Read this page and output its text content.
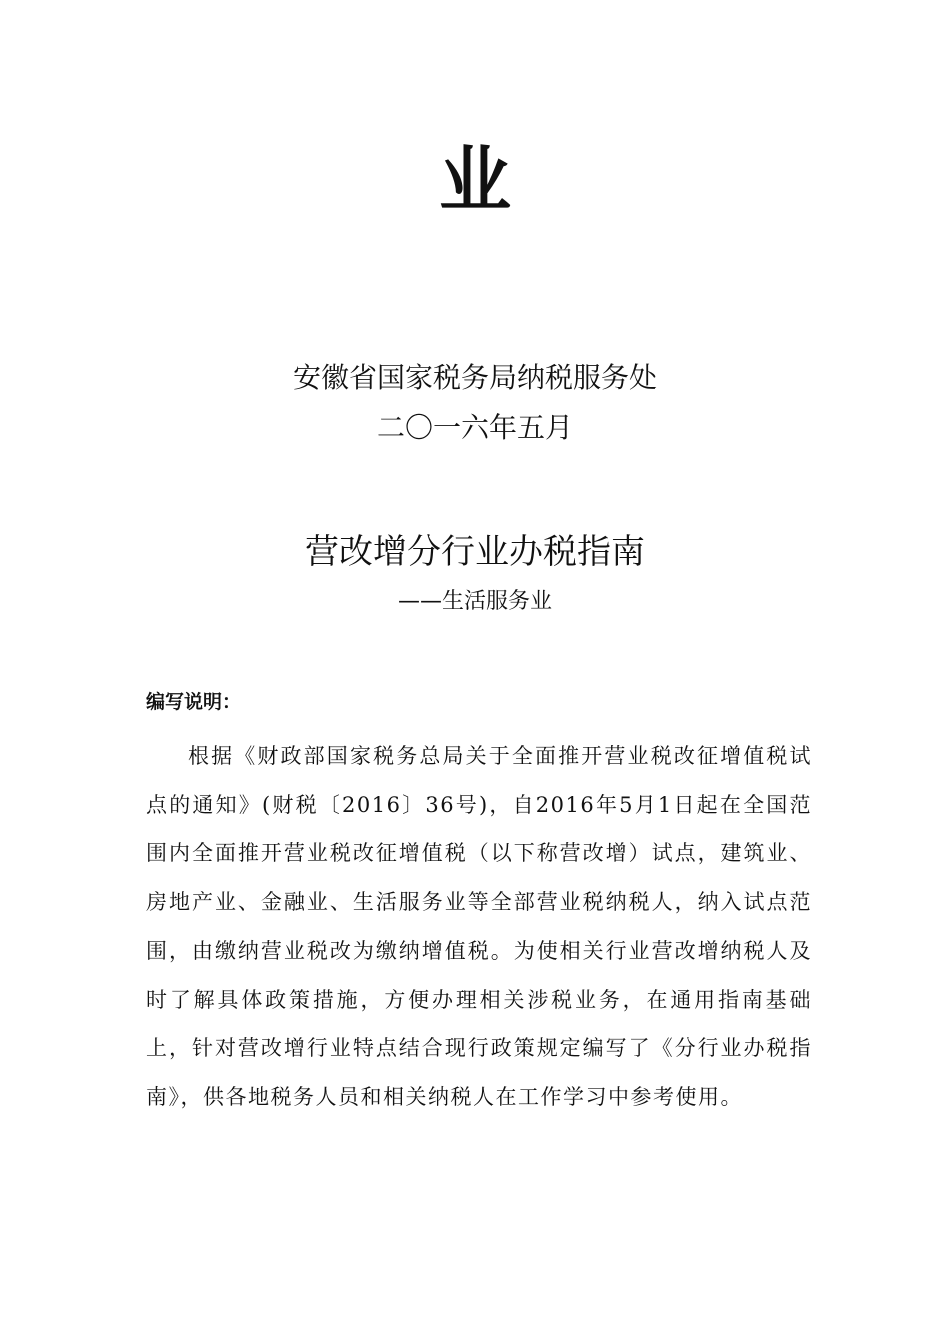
业
安徽省国家税务局纳税服务处
二〇一六年五月
营改增分行业办税指南
——生活服务业
编写说明：

根据《财政部国家税务总局关于全面推开营业税改征增值税试点的通知》(财税〔2016〕36号)，自2016年5月1日起在全国范围内全面推开营业税改征增值税（以下称营改增）试点，建筑业、房地产业、金融业、生活服务业等全部营业税纳税人，纳入试点范围，由缴纳营业税改为缴纳增值税。为使相关行业营改增纳税人及时了解具体政策措施，方便办理相关涉税业务，在通用指南基础上，针对营改增行业特点结合现行政策规定编写了《分行业办税指南》，供各地税务人员和相关纳税人在工作学习中参考使用。
